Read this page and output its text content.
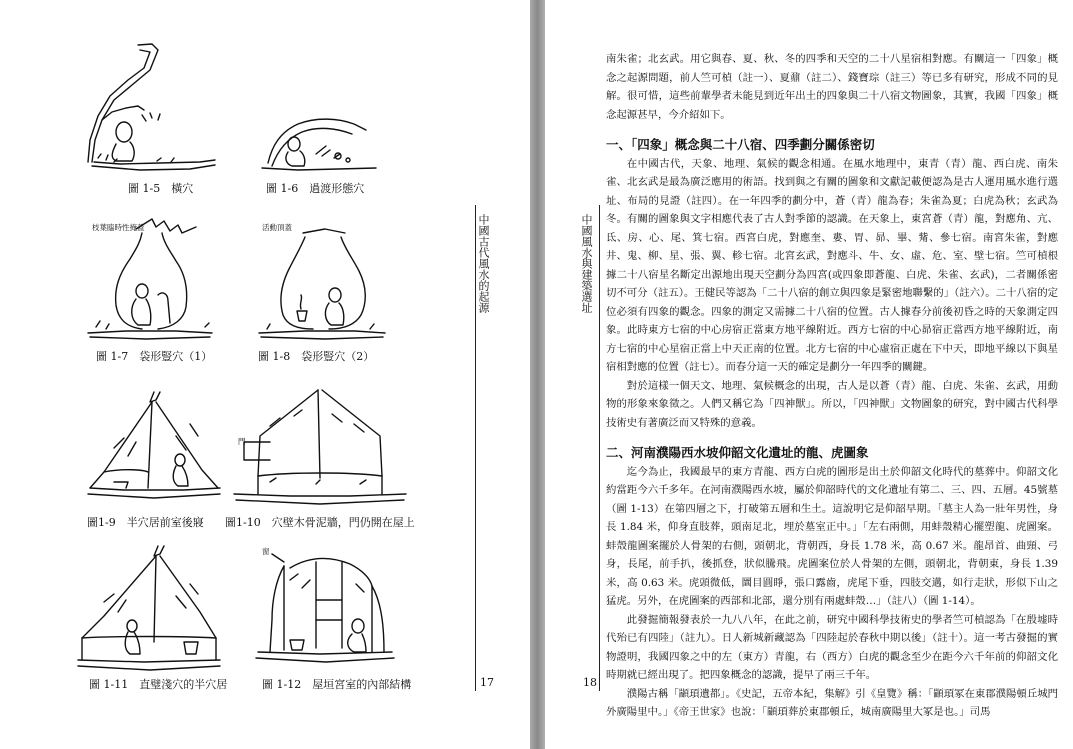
圖 1-5　橫穴	圖 1-6　過渡形態穴
枝葉臨時性掩蓋
圖 1-7　袋形豎穴（1）
活動頂蓋
圖 1-8　袋形豎穴（2）
圖1-9　半穴居前室後寢
門
圖1-10　穴壁木骨泥牆，門仍開在屋上
圖 1-11　直璧淺穴的半穴居
窗
圖 1-12　屋垣宮室的內部結構
中國古代風水的起源
17
中國風水與建築選址
18

南朱雀；北玄武。用它與春、夏、秋、冬的四季和天空的二十八星宿相對應。有關這一「四象」概念之起源問題，前人竺可楨（註一）、夏鼐（註二）、錢寶琮（註三）等已多有研究，形成不同的見解。很可惜，這些前輩學者未能見到近年出土的四象與二十八宿文物圖象，其實，我國「四象」概念起源甚早，今介紹如下。

一、「四象」概念與二十八宿、四季劃分關係密切

在中國古代，天象、地理、氣候的觀念相通。在風水地理中，東青（青）龍、西白虎、南朱雀、北玄武是最為廣泛應用的術語。找到與之有關的圖象和文獻記載便認為是古人運用風水進行選址、布局的見證（註四）。在一年四季的劃分中，蒼（青）龍為春；朱雀為夏；白虎為秋；玄武為冬。有關的圖象與文字相應代表了古人對季節的認識。在天象上，東宮蒼（青）龍，對應角、亢、氐、房、心、尾、箕七宿。西宮白虎，對應奎、婁、胃、昴、畢、觜、參七宿。南宮朱雀，對應井、鬼、柳、星、張、翼、軫七宿。北宮玄武，對應斗、牛、女、虛、危、室、壁七宿。竺可楨根據二十八宿星名斷定出源地出現天空劃分為四宮(或四象即蒼龍、白虎、朱雀、玄武)，二者關係密切不可分（註五）。王健民等認為「二十八宿的創立與四象是緊密地聯繫的」（註六）。二十八宿的定位必須有四象的觀念。四象的測定又需據二十八宿的位置。古人據春分前後初昏之時的天象測定四象。此時東方七宿的中心房宿正當東方地平線附近。西方七宿的中心昴宿正當西方地平線附近，南方七宿的中心星宿正當上中天正南的位置。北方七宿的中心虛宿正處在下中天，即地平線以下與星宿相對應的位置（註七）。而春分這一天的確定是劃分一年四季的關鍵。

對於這樣一個天文、地理、氣候概念的出現，古人是以蒼（青）龍、白虎、朱雀、玄武，用動物的形象來象徵之。人們又稱它為「四神獸」。所以，「四神獸」文物圖象的研究，對中國古代科學技術史有著廣泛而又特殊的意義。

二、河南濮陽西水坡仰韶文化遺址的龍、虎圖象

迄今為止，我國最早的東方青龍、西方白虎的圖形是出土於仰韶文化時代的墓葬中。仰韶文化約當距今六千多年。在河南濮陽西水坡，屬於仰韶時代的文化遺址有第二、三、四、五層。45號墓（圖 1-13）在第四層之下，打破第五層和生土。這說明它是仰韶早期。「墓主人為一壯年男性，身長 1.84 米，仰身直肢葬，頭南足北，埋於墓室正中。」「左右兩側，用蚌殼精心擺塑龍、虎圖案。蚌殼龍圖案擺於人骨架的右側，頭朝北，背朝西，身長 1.78 米，高 0.67 米。龍昂首、曲頸、弓身，長尾，前手扒，後抓登，狀似騰飛。虎圖案位於人骨架的左側，頭朝北，背朝東，身長 1.39 米，高 0.63 米。虎頭微低，圜目圓睜，張口露齒，虎尾下垂，四肢交邁，如行走狀，形似下山之猛虎。另外，在虎圖案的西部和北部，還分別有兩處蚌殼…」（註八）（圖 1-14）。

此發掘簡報發表於一九八八年，在此之前，研究中國科學技術史的學者竺可楨認為「在殷墟時代殆已有四陸」（註九）。日人新城新藏認為「四陸起於春秋中期以後」（註十）。這一考古發掘的實物證明，我國四象之中的左（東方）青龍，右（西方）白虎的觀念至少在距今六千年前的仰韶文化時期就已經出現了。把四象概念的認識，提早了兩三千年。

濮陽古稱「顓頊遺都」。《史記，五帝本紀，集解》引《皇覽》稱：「顓頊冢在東郡濮陽頓丘城門外廣陽里中。」《帝王世家》也說：「顓頊葬於東郡頓丘，城南廣陽里大冢是也。」司馬
